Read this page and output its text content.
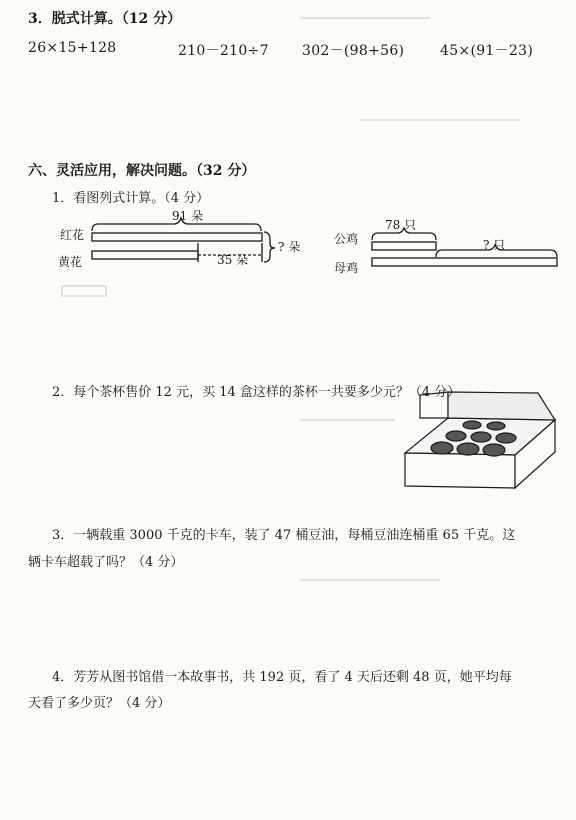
3．脱式计算。（12 分）
26×15+128	210－210÷7 302－(98+56)	45×(91－23)
六、灵活应用，解决问题。（32 分）
1．看图列式计算。（4 分）
91 朵
红花
黄花	35 朵
? 朵
78 只
公鸡
母鸡
? 只
2．每个茶杯售价 12 元，买 14 盒这样的茶杯一共要多少元？（4 分）
3．一辆载重 3000 千克的卡车，装了 47 桶豆油，每桶豆油连桶重 65 千克。这
辆卡车超载了吗？（4 分）
4．芳芳从图书馆借一本故事书，共 192 页，看了 4 天后还剩 48 页，她平均每
天看了多少页？（4 分）
